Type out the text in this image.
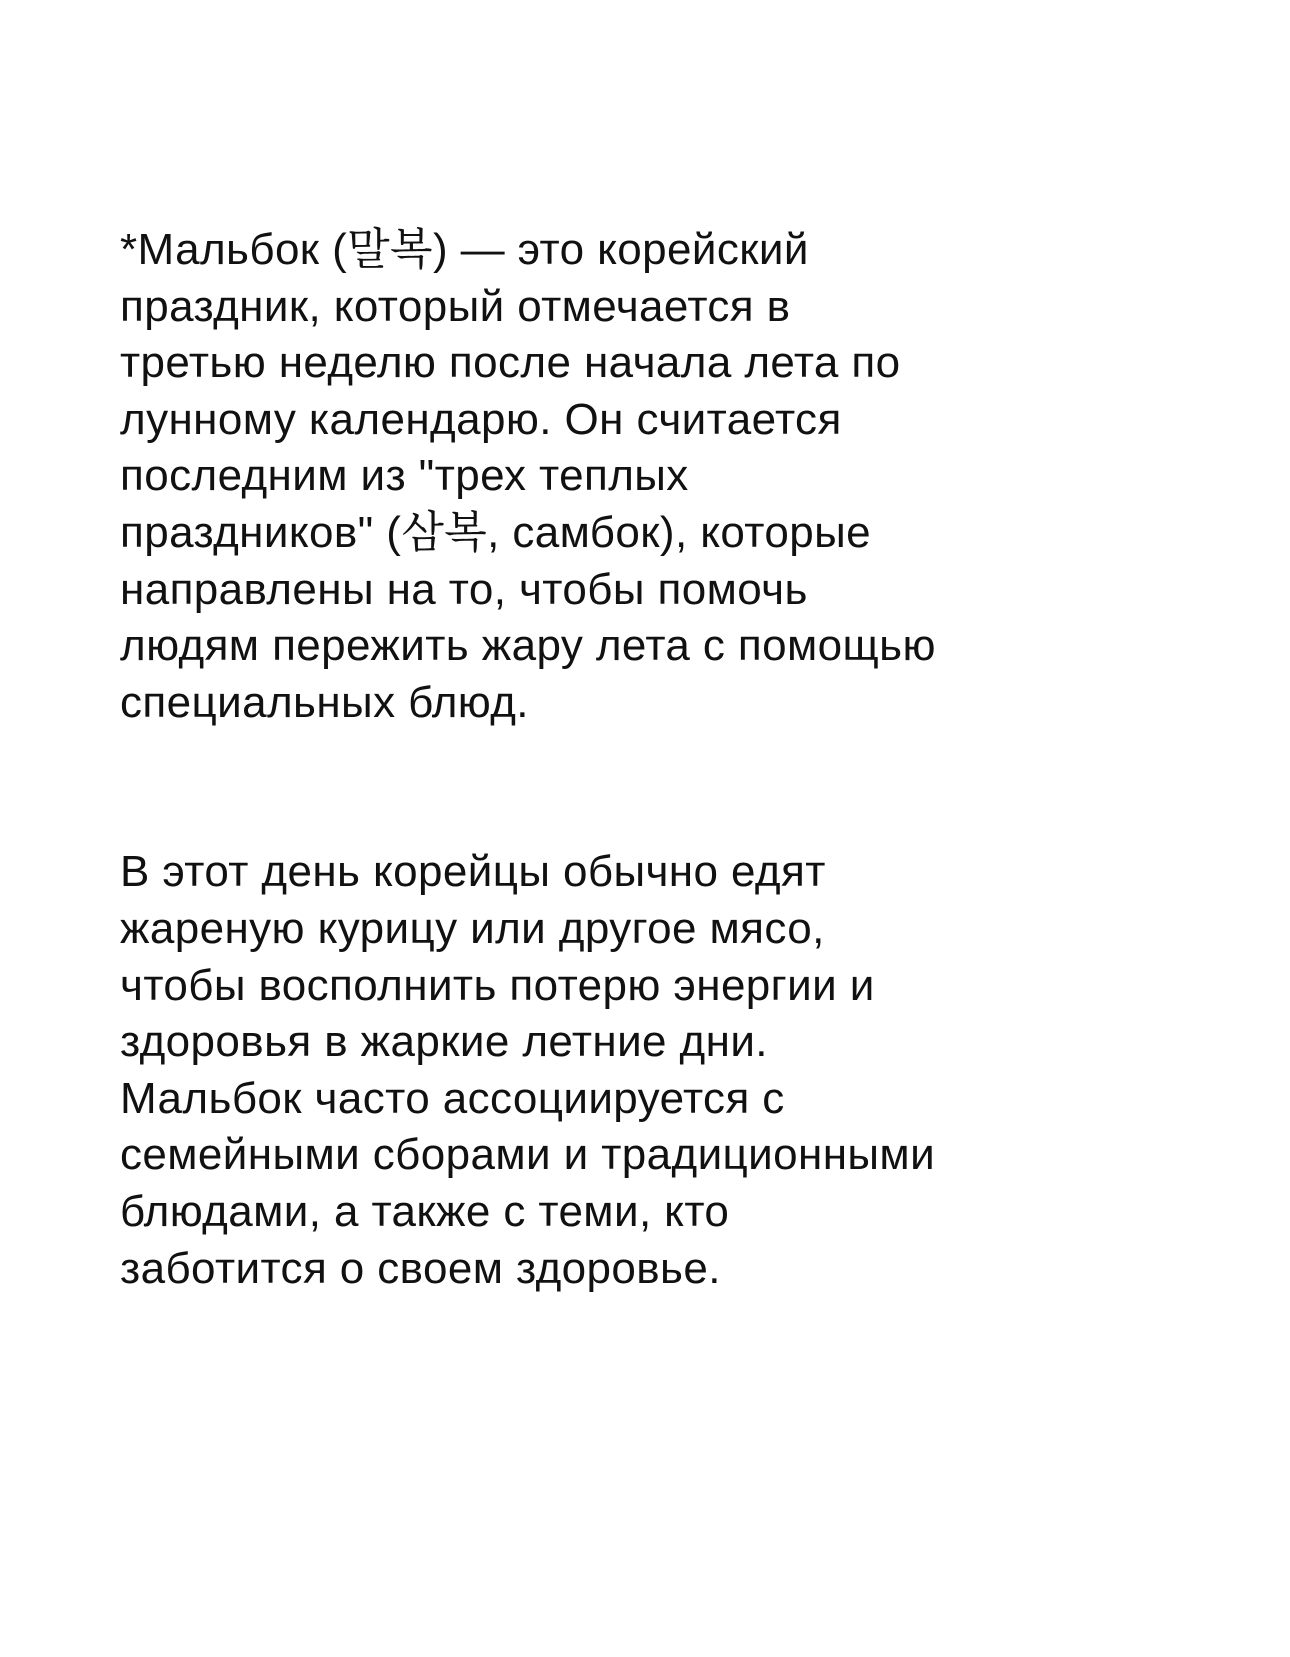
*Мальбок (말복) — это корейский
праздник, который отмечается в
третью неделю после начала лета по
лунному календарю. Он считается
последним из "трех теплых
праздников" (삼복, самбок), которые
направлены на то, чтобы помочь
людям пережить жару лета с помощью
специальных блюд.
В этот день корейцы обычно едят
жареную курицу или другое мясо,
чтобы восполнить потерю энергии и
здоровья в жаркие летние дни.
Мальбок часто ассоциируется с
семейными сборами и традиционными
блюдами, а также с теми, кто
заботится о своем здоровье.
